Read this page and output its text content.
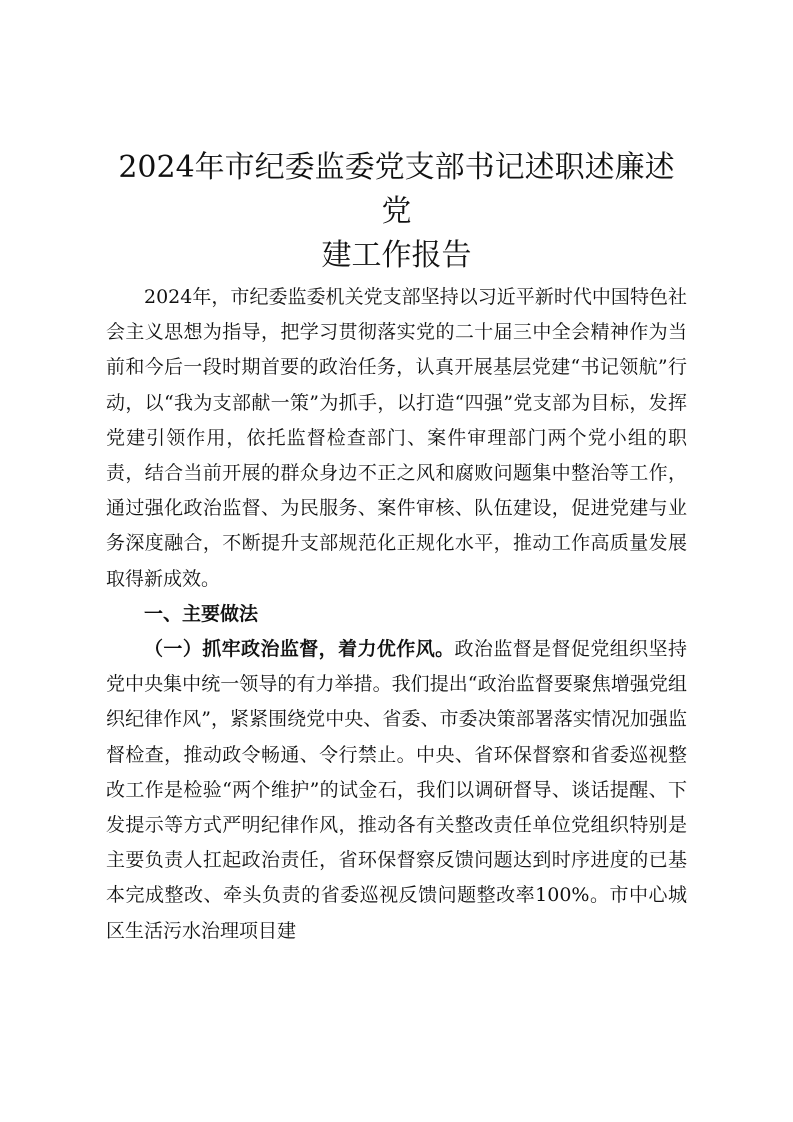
2024年市纪委监委党支部书记述职述廉述党
建工作报告

2024年，市纪委监委机关党支部坚持以习近平新时代中国特色社会主义思想为指导，把学习贯彻落实党的二十届三中全会精神作为当前和今后一段时期首要的政治任务，认真开展基层党建“书记领航”行动，以“我为支部献一策”为抓手，以打造“四强”党支部为目标，发挥党建引领作用，依托监督检查部门、案件审理部门两个党小组的职责，结合当前开展的群众身边不正之风和腐败问题集中整治等工作，通过强化政治监督、为民服务、案件审核、队伍建设，促进党建与业务深度融合，不断提升支部规范化正规化水平，推动工作高质量发展取得新成效。

一、主要做法

（一）抓牢政治监督，着力优作风。政治监督是督促党组织坚持党中央集中统一领导的有力举措。我们提出“政治监督要聚焦增强党组织纪律作风”，紧紧围绕党中央、省委、市委决策部署落实情况加强监督检查，推动政令畅通、令行禁止。中央、省环保督察和省委巡视整改工作是检验“两个维护”的试金石，我们以调研督导、谈话提醒、下发提示等方式严明纪律作风，推动各有关整改责任单位党组织特别是主要负责人扛起政治责任，省环保督察反馈问题达到时序进度的已基本完成整改、牵头负责的省委巡视反馈问题整改率100%。市中心城区生活污水治理项目建
